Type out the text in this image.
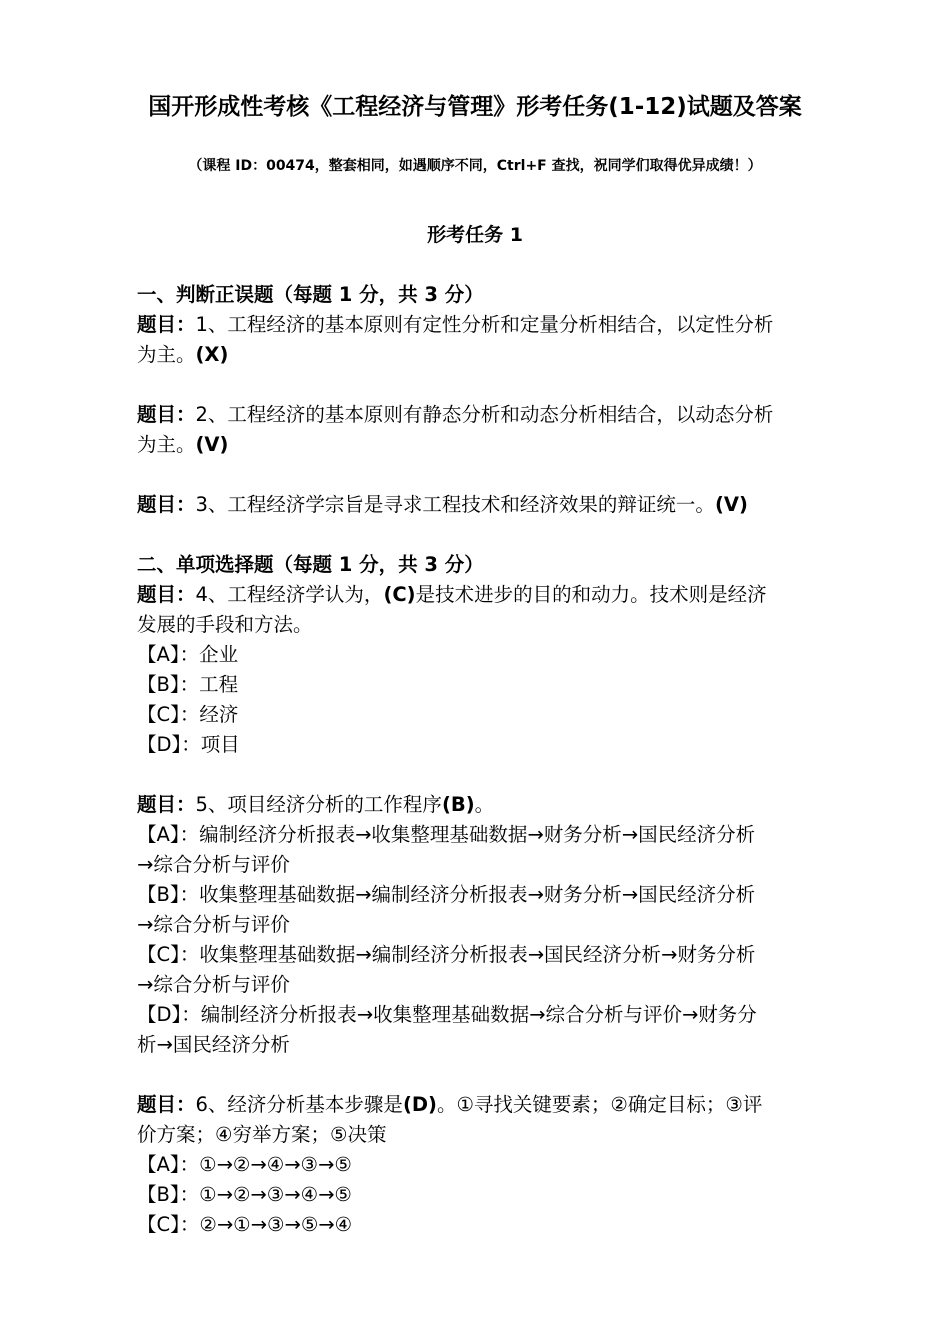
国开形成性考核《工程经济与管理》形考任务(1-12)试题及答案
（课程 ID：00474，整套相同，如遇顺序不同，Ctrl+F 查找，祝同学们取得优异成绩！）
形考任务 1
一、判断正误题（每题 1 分，共 3 分）
题目：1、工程经济的基本原则有定性分析和定量分析相结合，以定性分析
为主。(X)
题目：2、工程经济的基本原则有静态分析和动态分析相结合，以动态分析
为主。(V)
题目：3、工程经济学宗旨是寻求工程技术和经济效果的辩证统一。(V)
二、单项选择题（每题 1 分，共 3 分）
题目：4、工程经济学认为，(C)是技术进步的目的和动力。技术则是经济
发展的手段和方法。
【A】：企业
【B】：工程
【C】：经济
【D】：项目
题目：5、项目经济分析的工作程序(B)。
【A】：编制经济分析报表→收集整理基础数据→财务分析→国民经济分析
→综合分析与评价
【B】：收集整理基础数据→编制经济分析报表→财务分析→国民经济分析
→综合分析与评价
【C】：收集整理基础数据→编制经济分析报表→国民经济分析→财务分析
→综合分析与评价
【D】：编制经济分析报表→收集整理基础数据→综合分析与评价→财务分
析→国民经济分析
题目：6、经济分析基本步骤是(D)。①寻找关键要素；②确定目标；③评
价方案；④穷举方案；⑤决策
【A】：①→②→④→③→⑤
【B】：①→②→③→④→⑤
【C】：②→①→③→⑤→④
